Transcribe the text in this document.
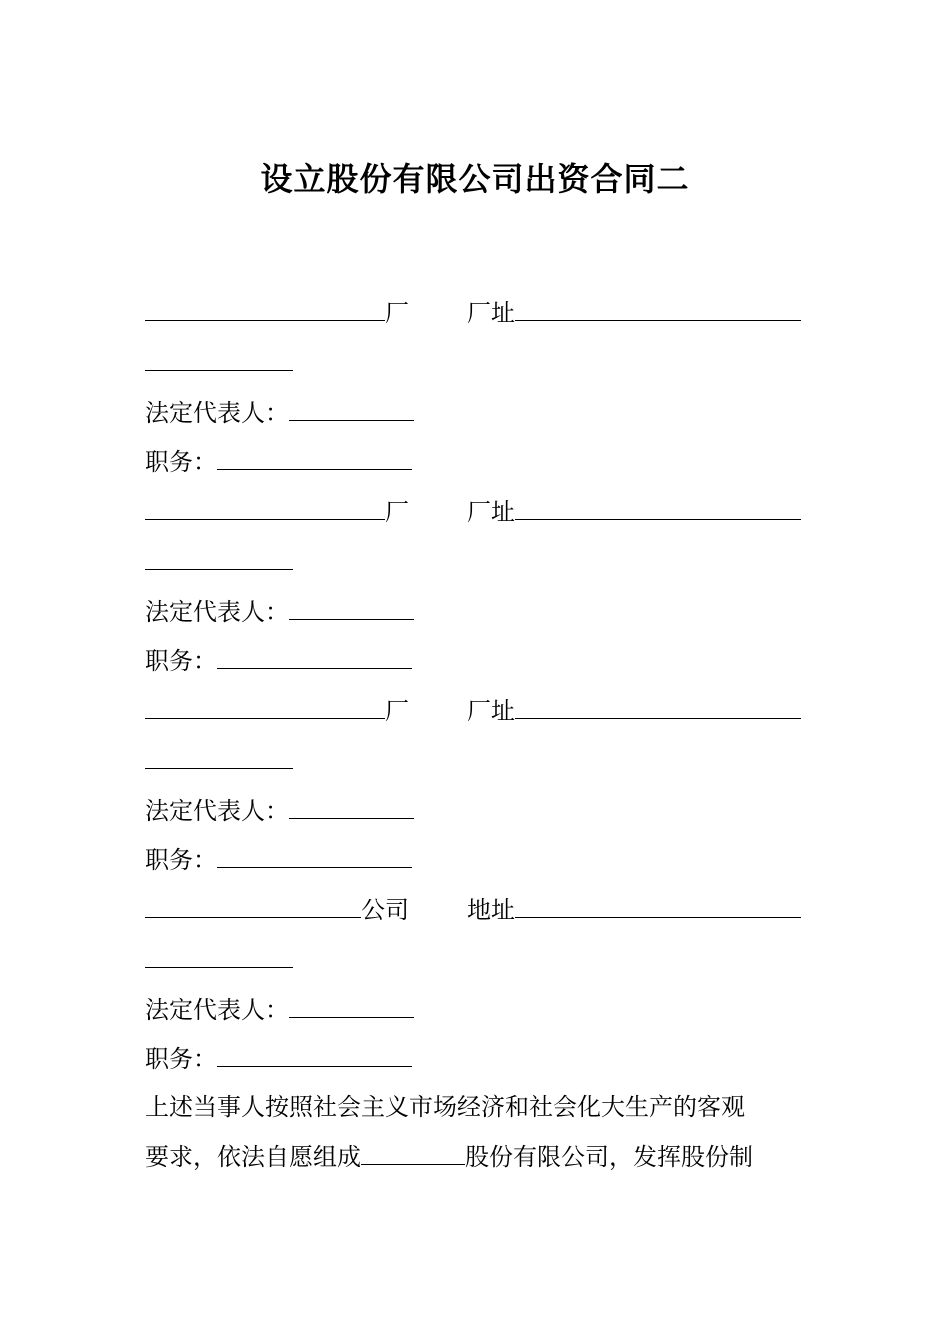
设立股份有限公司出资合同二
厂 厂址
法定代表人：
职务：
厂 厂址
法定代表人：
职务：
厂 厂址
法定代表人：
职务：
公司 地址
法定代表人：
职务：
上述当事人按照社会主义市场经济和社会化大生产的客观
要求，依法自愿组成	股份有限公司，发挥股份制
